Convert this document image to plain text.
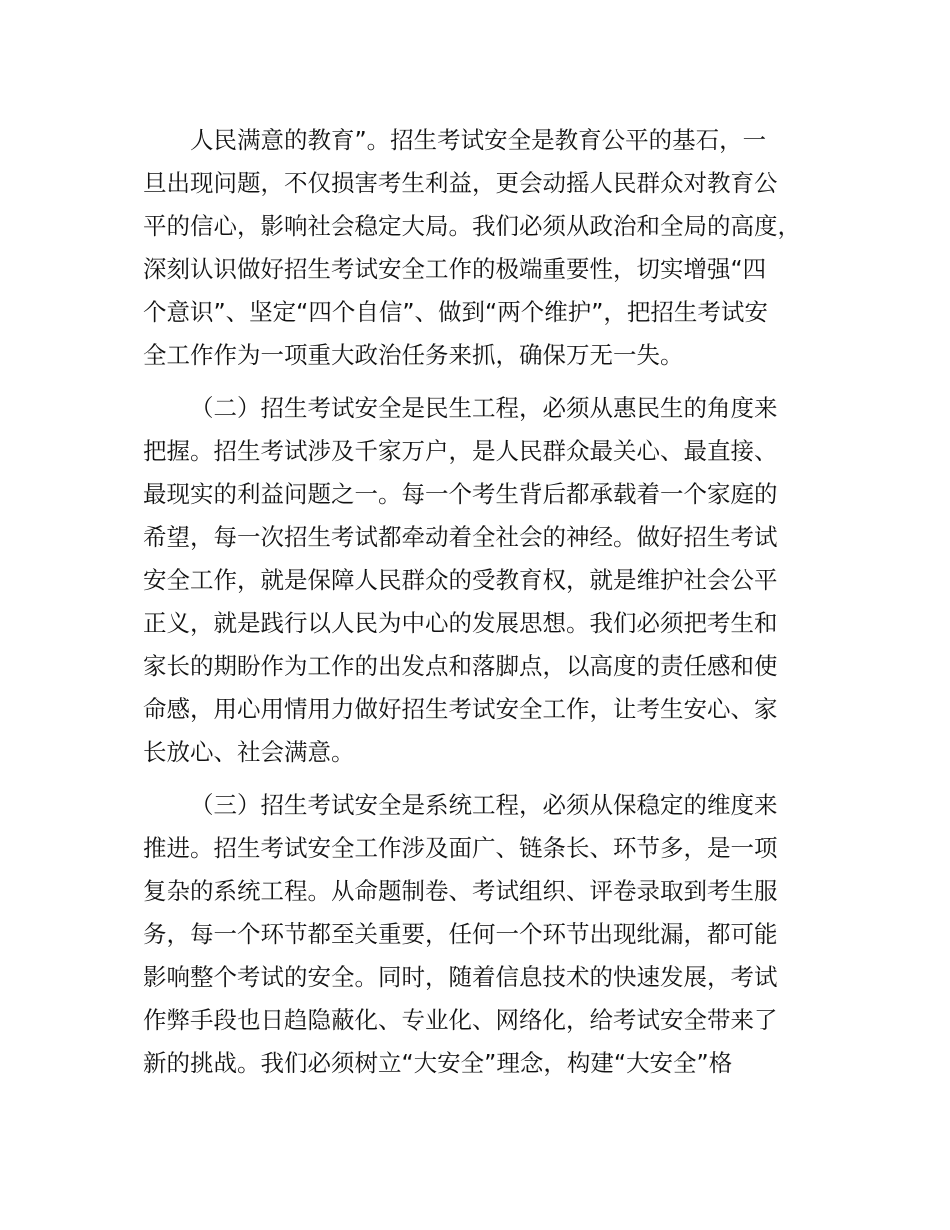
人民满意的教育”。招生考试安全是教育公平的基石，一

旦出现问题，不仅损害考生利益，更会动摇人民群众对教育公

平的信心，影响社会稳定大局。我们必须从政治和全局的高度，

深刻认识做好招生考试安全工作的极端重要性，切实增强“四

个意识”、坚定“四个自信”、做到“两个维护”，把招生考试安

全工作作为一项重大政治任务来抓，确保万无一失。

（二）招生考试安全是民生工程，必须从惠民生的角度来

把握。招生考试涉及千家万户，是人民群众最关心、最直接、

最现实的利益问题之一。每一个考生背后都承载着一个家庭的

希望，每一次招生考试都牵动着全社会的神经。做好招生考试

安全工作，就是保障人民群众的受教育权，就是维护社会公平

正义，就是践行以人民为中心的发展思想。我们必须把考生和

家长的期盼作为工作的出发点和落脚点，以高度的责任感和使

命感，用心用情用力做好招生考试安全工作，让考生安心、家

长放心、社会满意。

（三）招生考试安全是系统工程，必须从保稳定的维度来

推进。招生考试安全工作涉及面广、链条长、环节多，是一项

复杂的系统工程。从命题制卷、考试组织、评卷录取到考生服

务，每一个环节都至关重要，任何一个环节出现纰漏，都可能

影响整个考试的安全。同时，随着信息技术的快速发展，考试

作弊手段也日趋隐蔽化、专业化、网络化，给考试安全带来了

新的挑战。我们必须树立“大安全”理念，构建“大安全”格
